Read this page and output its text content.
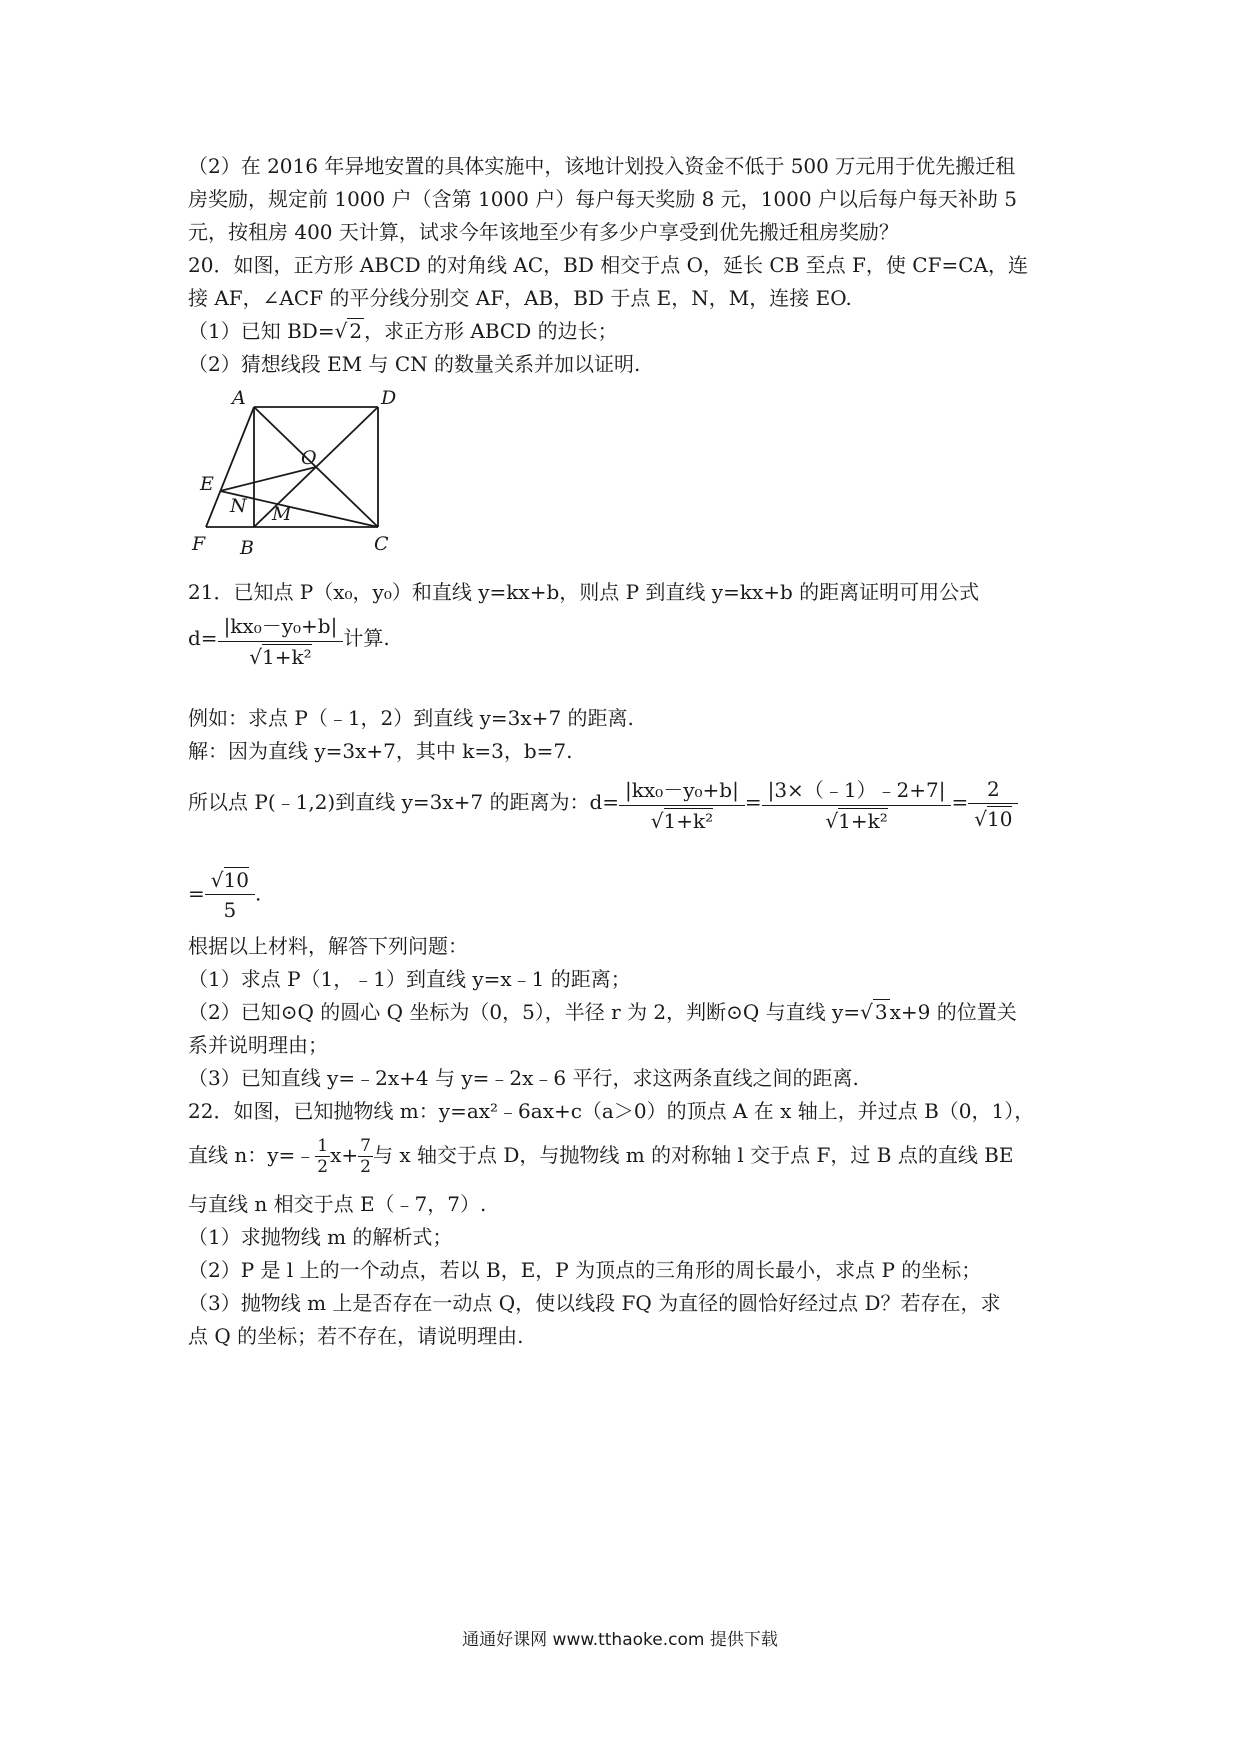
（2）在 2016 年异地安置的具体实施中，该地计划投入资金不低于 500 万元用于优先搬迁租
房奖励，规定前 1000 户（含第 1000 户）每户每天奖励 8 元，1000 户以后每户每天补助 5
元，按租房 400 天计算，试求今年该地至少有多少户享受到优先搬迁租房奖励？
20．如图，正方形 ABCD 的对角线 AC，BD 相交于点 O，延长 CB 至点 F，使 CF=CA，连
接 AF，∠ACF 的平分线分别交 AF，AB，BD 于点 E，N，M，连接 EO.
（1）已知 BD=√ 2 ，求正方形 ABCD 的边长；
（2）猜想线段 EM 与 CN 的数量关系并加以证明.
A	D
O
E
N M
F B	C
21．已知点 P（x₀，y₀）和直线 y=kx+b，则点 P 到直线 y=kx+b 的距离证明可用公式
$d= \frac{\text{|kx₀－y₀+b|}}{\text{√1+k²}}$ 计算.
例如：求点 P（﹣1，2）到直线 y=3x+7 的距离.
解：因为直线 y=3x+7，其中 k=3，b=7.
所以点 P(﹣1,2)到直线 y=3x+7 的距离为：$d= \frac{\text{|kx₀－y₀+b|}}{\text{√1+k²}} = \frac{|3\times(﹣1)﹣2+7|}{\text{√1+k²}} = \frac{2}{√10}$
= $\frac{√10}{5}$ .
根据以上材料，解答下列问题：
（1）求点 P（1，﹣1）到直线 y=x﹣1 的距离；
（2）已知⊙Q 的圆心 Q 坐标为（0，5），半径 r 为 2，判断⊙Q 与直线 y=√ 3 x+9 的位置关
系并说明理由；
（3）已知直线 y=﹣2x+4 与 y=﹣2x﹣6 平行，求这两条直线之间的距离.
22．如图，已知抛物线 m：y=ax²﹣6ax+c（a＞0）的顶点 A 在 x 轴上，并过点 B（0，1），
直线 n：y=﹣ $\frac{1}{2} x+ \frac{7}{2}$ 与 x 轴交于点 D，与抛物线 m 的对称轴 l 交于点 F，过 B 点的直线 BE
与直线 n 相交于点 E（﹣7，7）.
（1）求抛物线 m 的解析式；
（2）P 是 l 上的一个动点，若以 B，E，P 为顶点的三角形的周长最小，求点 P 的坐标；
（3）抛物线 m 上是否存在一动点 Q，使以线段 FQ 为直径的圆恰好经过点 D？若存在，求
点 Q 的坐标；若不存在，请说明理由.
通通好课网 www.tthaoke.com 提供下载
